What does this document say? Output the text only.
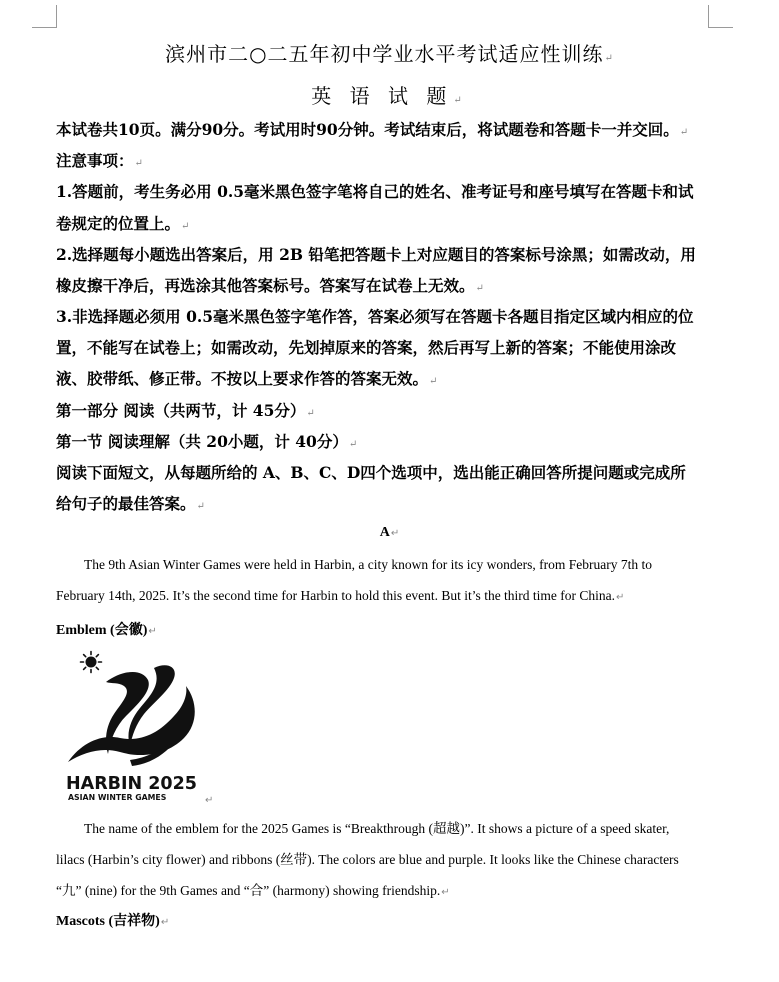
滨州市二○二五年初中学业水平考试适应性训练↵
英 语 试 题↵
本试卷共10页。满分90分。考试用时90分钟。考试结束后，将试题卷和答题卡一并交回。↵
注意事项：↵
1.答题前，考生务必用 0.5毫米黑色签字笔将自己的姓名、准考证号和座号填写在答题卡和试
卷规定的位置上。↵
2.选择题每小题选出答案后，用 2B 铅笔把答题卡上对应题目的答案标号涂黑；如需改动，用
橡皮擦干净后，再选涂其他答案标号。答案写在试卷上无效。↵
3.非选择题必须用 0.5毫米黑色签字笔作答，答案必须写在答题卡各题目指定区域内相应的位
置，不能写在试卷上；如需改动，先划掉原来的答案，然后再写上新的答案；不能使用涂改
液、胶带纸、修正带。不按以上要求作答的答案无效。↵
第一部分 阅读（共两节，计 45分）↵
第一节 阅读理解（共 20小题，计 40分）↵
阅读下面短文，从每题所给的 A、B、C、D四个选项中，选出能正确回答所提问题或完成所
给句子的最佳答案。↵
A↵
The 9th Asian Winter Games were held in Harbin, a city known for its icy wonders, from February 7th to
February 14th, 2025. It’s the second time for Harbin to hold this event. But it’s the third time for China.↵
Emblem (会徽)↵
HARBIN 2025
ASIAN WINTER GAMES	↵
The name of the emblem for the 2025 Games is “Breakthrough (超越)”. It shows a picture of a speed skater,
lilacs (Harbin’s city flower) and ribbons (丝带). The colors are blue and purple. It looks like the Chinese characters
“九” (nine) for the 9th Games and “合” (harmony) showing friendship.↵
Mascots (吉祥物)↵
